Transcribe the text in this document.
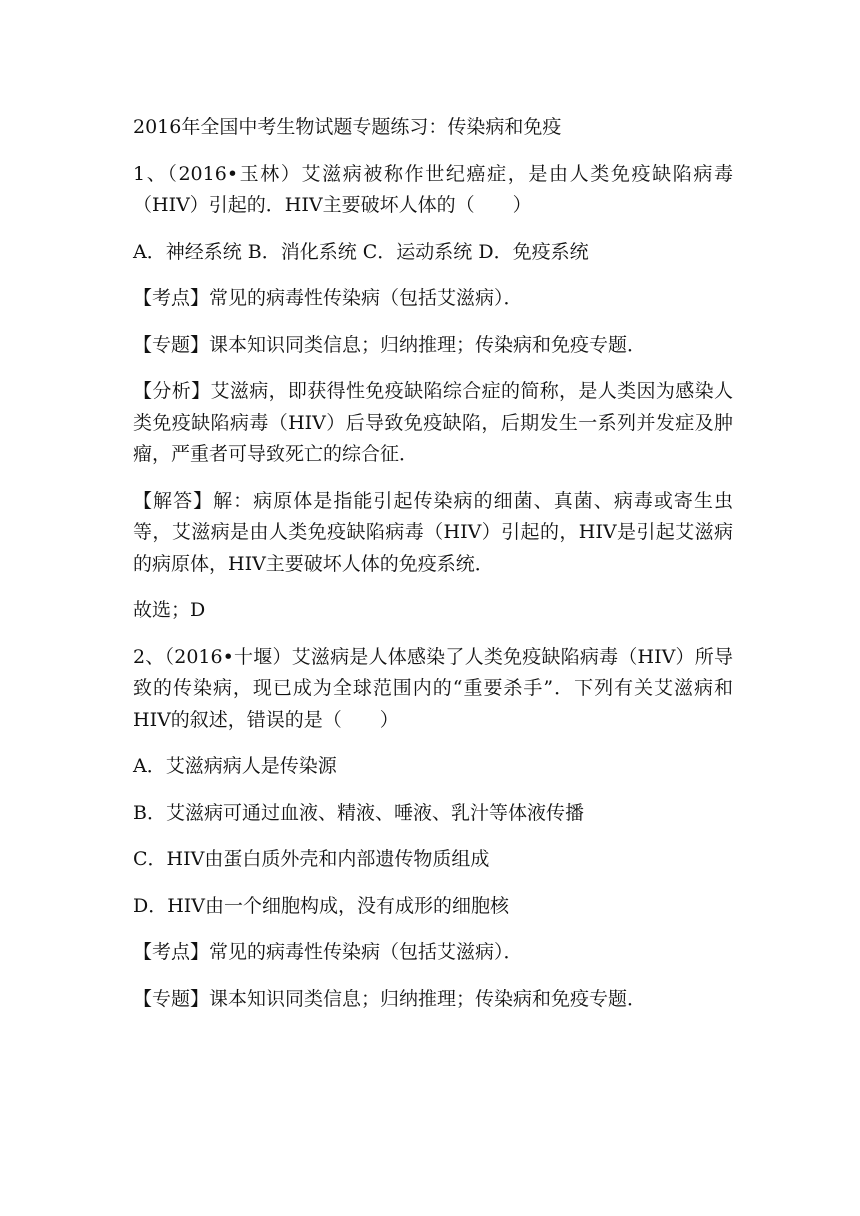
2016年全国中考生物试题专题练习：传染病和免疫

1、（2016•玉林）艾滋病被称作世纪癌症，是由人类免疫缺陷病毒（HIV）引起的．HIV主要破坏人体的（　　）

A．神经系统 B．消化系统 C．运动系统 D．免疫系统

【考点】常见的病毒性传染病（包括艾滋病）．

【专题】课本知识同类信息；归纳推理；传染病和免疫专题．

【分析】艾滋病，即获得性免疫缺陷综合症的简称，是人类因为感染人类免疫缺陷病毒（HIV）后导致免疫缺陷，后期发生一系列并发症及肿瘤，严重者可导致死亡的综合征．

【解答】解：病原体是指能引起传染病的细菌、真菌、病毒或寄生虫等，艾滋病是由人类免疫缺陷病毒（HIV）引起的，HIV是引起艾滋病的病原体，HIV主要破坏人体的免疫系统．

故选；D

2、（2016•十堰）艾滋病是人体感染了人类免疫缺陷病毒（HIV）所导致的传染病，现已成为全球范围内的“重要杀手”．下列有关艾滋病和HIV的叙述，错误的是（　　）

A．艾滋病病人是传染源

B．艾滋病可通过血液、精液、唾液、乳汁等体液传播

C．HIV由蛋白质外壳和内部遗传物质组成

D．HIV由一个细胞构成，没有成形的细胞核

【考点】常见的病毒性传染病（包括艾滋病）．

【专题】课本知识同类信息；归纳推理；传染病和免疫专题．
